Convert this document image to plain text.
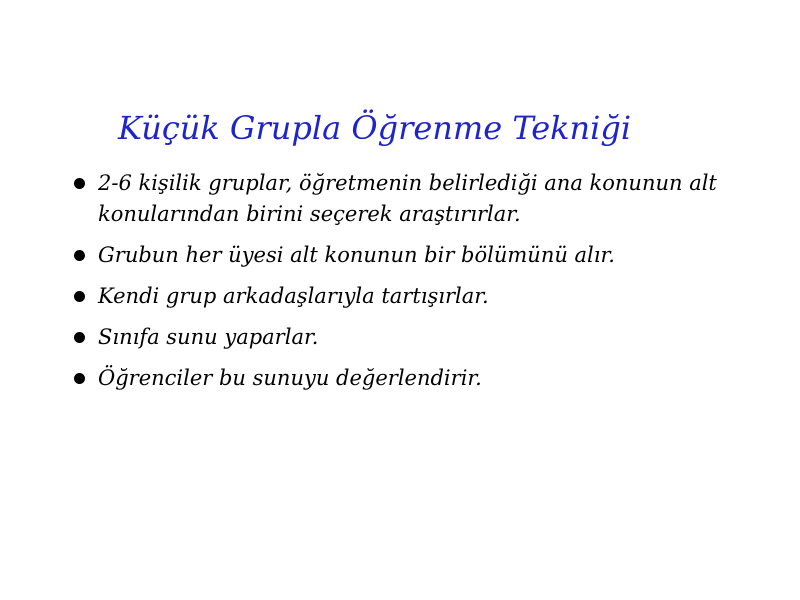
Küçük Grupla Öğrenme Tekniği
2-6 kişilik gruplar, öğretmenin belirlediği ana konunun alt konularından birini seçerek araştırırlar.
Grubun her üyesi alt konunun bir bölümünü alır.
Kendi grup arkadaşlarıyla tartışırlar.
Sınıfa sunu yaparlar.
Öğrenciler bu sunuyu değerlendirir.
